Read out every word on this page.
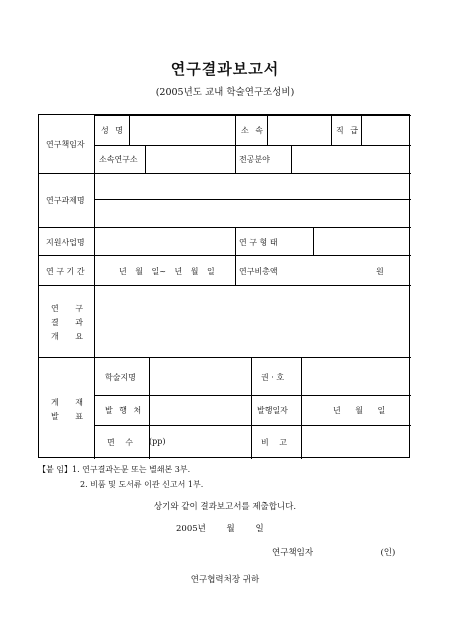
연구결과보고서
(2005년도 교내 학술연구조성비)
연구책임자
성 명	소 속	직 급
소속연구소	전공분야
연구과제명
지원사업명	연 구 형 태
연 구 기 간	년 월 일~ 년 월 일	연구비총액	원
연 구
결 과
개 요
게 재
발 표
학술지명	권 · 호
발 행 처	발행일자	년 월 일
면 수 (pp)	비 고
【붙 임】1. 연구결과논문 또는 별쇄본 3부.
2. 비품 및 도서류 이관 신고서 1부.
상기와 같이 결과보고서를 제출합니다.
2005년 월 일
연구책임자	(인)
연구협력처장 귀하
